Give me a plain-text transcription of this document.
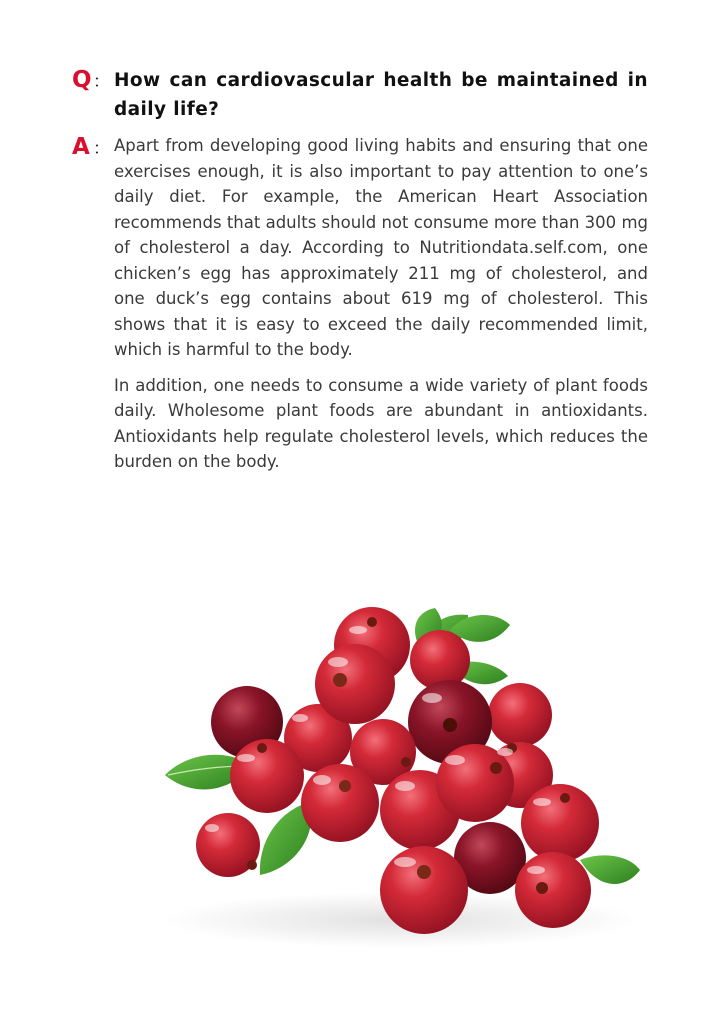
Q ： How can cardiovascular health be maintained in daily life?

A ： Apart from developing good living habits and ensuring that one exercises enough, it is also important to pay attention to one’s daily diet. For example, the American Heart Association recommends that adults should not consume more than 300 mg of cholesterol a day. According to Nutritiondata.self.com, one chicken’s egg has approximately 211 mg of cholesterol, and one duck’s egg contains about 619 mg of cholesterol. This shows that it is easy to exceed the daily recommended limit, which is harmful to the body.

In addition, one needs to consume a wide variety of plant foods daily. Wholesome plant foods are abundant in antioxidants. Antioxidants help regulate cholesterol levels, which reduces the burden on the body.
